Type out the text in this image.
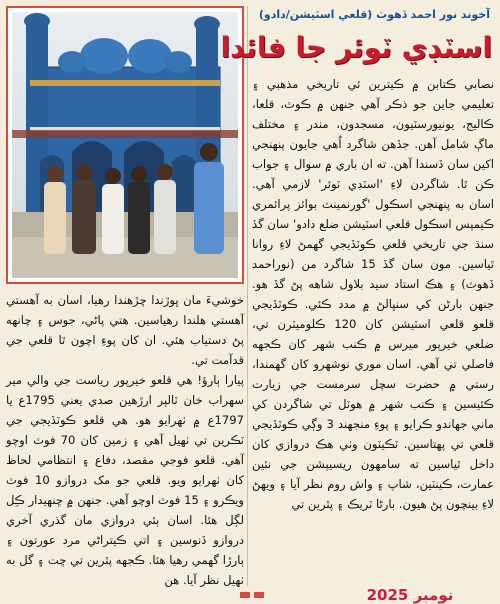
آخوند نور احمد ڏهوٽ (قلعي اسٽيشن/دادو)
اسٽڊي ٽوئر جا فائدا

نصابي ڪتابن ۾ ڪيترين ئي تاريخي مذهبي ۽ تعليمي جاين جو ذڪر آهي جنهن ۾ ڪوٽ، قلعا، ڪاليج، يونيورسٽيون، مسجدون، مندر ۽ مختلف ماڳ شامل آهن. جڏهن شاگرد اُهي جايون پنهنجي اکين سان ڏسندا آهن. ته ان باري ۾ سوال ۽ جواب ڪن ٿا. شاگردن لاءِ 'اسٽڊي ٽوئر' لازمي آهي. اسان به پنهنجي اسڪول 'گورنمينٽ بوائز پرائمري ڪيمپس اسڪول قلعي اسٽيشن ضلع دادو' سان گڏ سنڌ جي تاريخي قلعي ڪوٽڏيجي گهمڻ لاءِ روانا ٿياسين. مون سان گڏ 15 شاگرد من (نوراحمد ڏهوٽ) ۽ هڪ استاد سيد بلاول شاهه پڻ گڏ هو. جنهن بارڻن کي سنڀالڻ ۾ مدد ڪئي. ڪوٽڏيجي قلعو قلعي اسٽيشن کان 120 ڪلوميٽرن تي، ضلعي خيرپور ميرس ۾ ڪنب شهر کان ڪجهه فاصلي تي آهي. اسان موري نوشهرو کان گهمندا، رستي ۾ حضرت سچل سرمست جي زيارت ڪئيسين ۽ ڪنب شهر ۾ هوٽل تي شاگردن کي ماني جهاندو ڪرايو ۽ پوءِ منجهند 3 وڳي ڪوٽڏيجي قلعي تي پهتاسين. ٽڪيٽون وٺي هڪ دروازي کان داخل ٿياسين ته سامهون ريسيپشن جي نئين عمارت، ڪينٽين، شاپ ۽ واش روم نظر آيا ۽ ويهڻ لاءِ بينچون پڻ هيون. بارڻا ٽريڪ ۽ پٿرين تي

خوشيءَ مان ڀوڙندا ڇڙهندا رهيا، اسان به آهستي آهستي هلندا رهياسين. هتي پاڻي، جوس ۽ چانهه پڻ دستياب هئي. ان کان پوءِ اچون ٿا قلعي جي قدآمت تي.
پيارا ٻارؤ! هي قلعو خيرپور رياست جي والي مير سهراب خان ٽالپر ارڙهين صدي يعني 1795ع يا 1797ع ۾ ٺهرايو هو. هي قلعو ڪوٽڏيجي جي ٽڪرين تي ٺهيل آهي ۽ زمين کان 70 فوٽ اوچو آهي. قلعو فوجي مقصد، دفاع ۽ انتظامي لحاظ کان ٺهرايو ويو. قلعي جو مک دروازو 10 فوٽ ويڪرو ۽ 15 فوٽ اوچو آهي. جنهن ۾ ڇنهيدار ڪِل لڳل هئا. اسان ٻئي دروازي مان گذري آخري دروازو ڏنوسين ۽ اتي ڪيتراڻي مرد عورتون ۽ ٻارڙا گهمي رهيا هئا. ڪجهه پٿرين تي ڇت ۽ گل به ٺهيل نظر آيا. هن

2025 نومبر
